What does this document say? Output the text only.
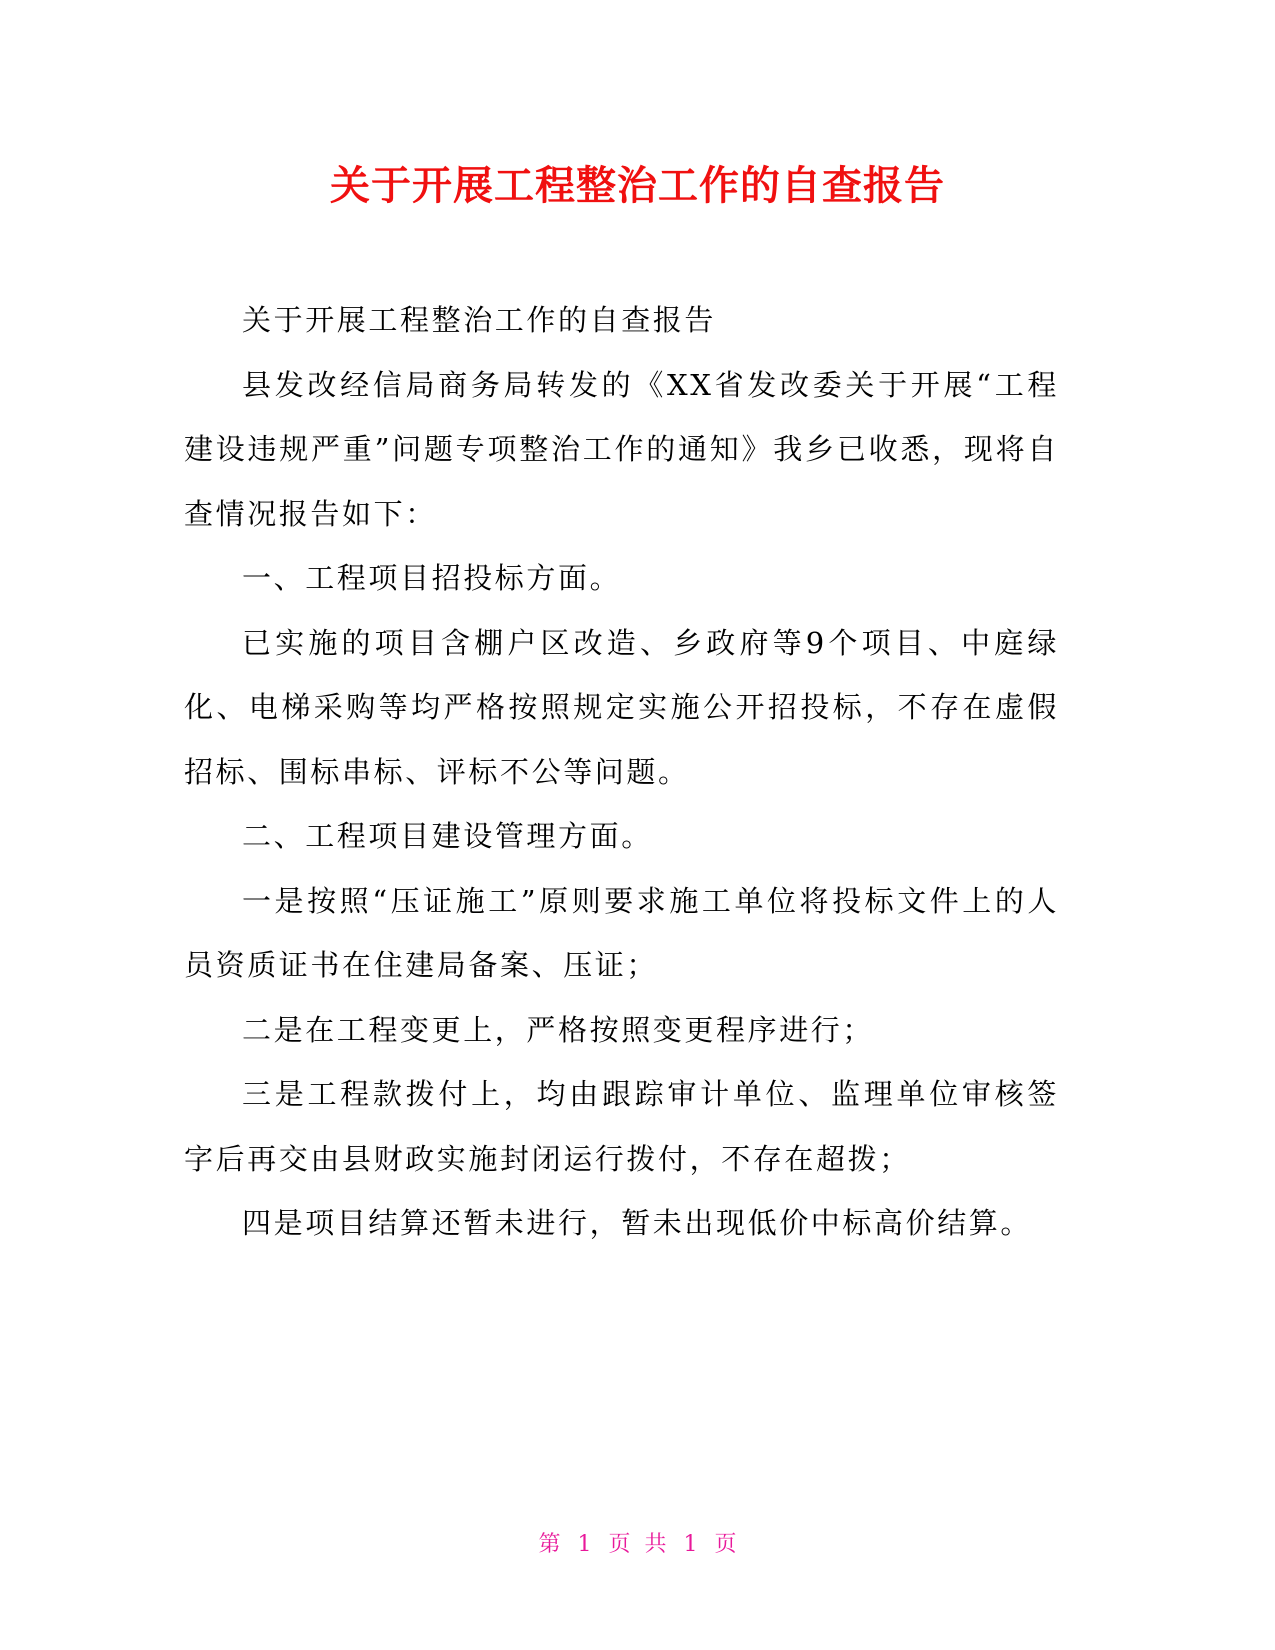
关于开展工程整治工作的自查报告

关于开展工程整治工作的自查报告

县发改经信局商务局转发的《XX省发改委关于开展“工程建设违规严重”问题专项整治工作的通知》我乡已收悉，现将自查情况报告如下：

一、工程项目招投标方面。

已实施的项目含棚户区改造、乡政府等9个项目、中庭绿化、电梯采购等均严格按照规定实施公开招投标，不存在虚假招标、围标串标、评标不公等问题。

二、工程项目建设管理方面。

一是按照“压证施工”原则要求施工单位将投标文件上的人员资质证书在住建局备案、压证；

二是在工程变更上，严格按照变更程序进行；

三是工程款拨付上，均由跟踪审计单位、监理单位审核签字后再交由县财政实施封闭运行拨付，不存在超拨；

四是项目结算还暂未进行，暂未出现低价中标高价结算。

第 1 页  共 1 页
